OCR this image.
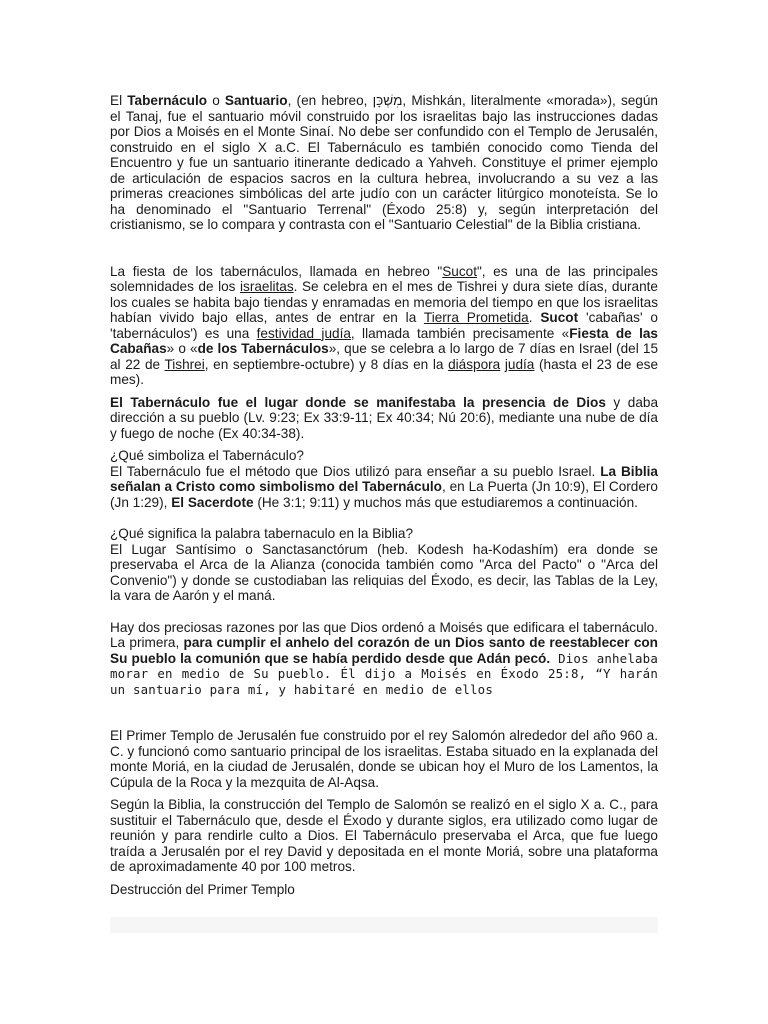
El Tabernáculo o Santuario, (en hebreo, מִשְׁכָּן, Mishkán, literalmente «morada»), según el Tanaj, fue el santuario móvil construido por los israelitas bajo las instrucciones dadas por Dios a Moisés en el Monte Sinaí. No debe ser confundido con el Templo de Jerusalén, construido en el siglo X a.C. El Tabernáculo es también conocido como Tienda del Encuentro y fue un santuario itinerante dedicado a Yahveh. Constituye el primer ejemplo de articulación de espacios sacros en la cultura hebrea, involucrando a su vez a las primeras creaciones simbólicas del arte judío con un carácter litúrgico monoteísta. Se lo ha denominado el "Santuario Terrenal" (Éxodo 25:8) y, según interpretación del cristianismo, se lo compara y contrasta con el "Santuario Celestial" de la Biblia cristiana.

La fiesta de los tabernáculos, llamada en hebreo "Sucot", es una de las principales solemnidades de los israelitas. Se celebra en el mes de Tishrei y dura siete días, durante los cuales se habita bajo tiendas y enramadas en memoria del tiempo en que los israelitas habían vivido bajo ellas, antes de entrar en la Tierra Prometida. Sucot 'cabañas' o 'tabernáculos') es una festividad judía, llamada también precisamente «Fiesta de las Cabañas» o «de los Tabernáculos», que se celebra a lo largo de 7 días en Israel (del 15 al 22 de Tishrei, en septiembre-octubre) y 8 días en la diáspora judía (hasta el 23 de ese mes).

El Tabernáculo fue el lugar donde se manifestaba la presencia de Dios y daba dirección a su pueblo (Lv. 9:23; Ex 33:9-11; Ex 40:34; Nú 20:6), mediante una nube de día y fuego de noche (Ex 40:34-38).

¿Qué simboliza el Tabernáculo?
El Tabernáculo fue el método que Dios utilizó para enseñar a su pueblo Israel. La Biblia señalan a Cristo como simbolismo del Tabernáculo, en La Puerta (Jn 10:9), El Cordero (Jn 1:29), El Sacerdote (He 3:1; 9:11) y muchos más que estudiaremos a continuación.

¿Qué significa la palabra tabernaculo en la Biblia?
El Lugar Santísimo o Sanctasanctórum (heb. Kodesh ha-Kodashím) era donde se preservaba el Arca de la Alianza (conocida también como "Arca del Pacto" o "Arca del Convenio") y donde se custodiaban las reliquias del Éxodo, es decir, las Tablas de la Ley, la vara de Aarón y el maná.

Hay dos preciosas razones por las que Dios ordenó a Moisés que edificara el tabernáculo. La primera, para cumplir el anhelo del corazón de un Dios santo de reestablecer con Su pueblo la comunión que se había perdido desde que Adán pecó. Dios anhelaba morar en medio de Su pueblo. Él dijo a Moisés en Éxodo 25:8, “Y harán un santuario para mí, y habitaré en medio de ellos

El Primer Templo de Jerusalén fue construido por el rey Salomón alrededor del año 960 a. C. y funcionó como santuario principal de los israelitas. Estaba situado en la explanada del monte Moriá, en la ciudad de Jerusalén, donde se ubican hoy el Muro de los Lamentos, la Cúpula de la Roca y la mezquita de Al-Aqsa.

Según la Biblia, la construcción del Templo de Salomón se realizó en el siglo X a. C., para sustituir el Tabernáculo que, desde el Éxodo y durante siglos, era utilizado como lugar de reunión y para rendirle culto a Dios. El Tabernáculo preservaba el Arca, que fue luego traída a Jerusalén por el rey David y depositada en el monte Moriá, sobre una plataforma de aproximadamente 40 por 100 metros.

Destrucción del Primer Templo
